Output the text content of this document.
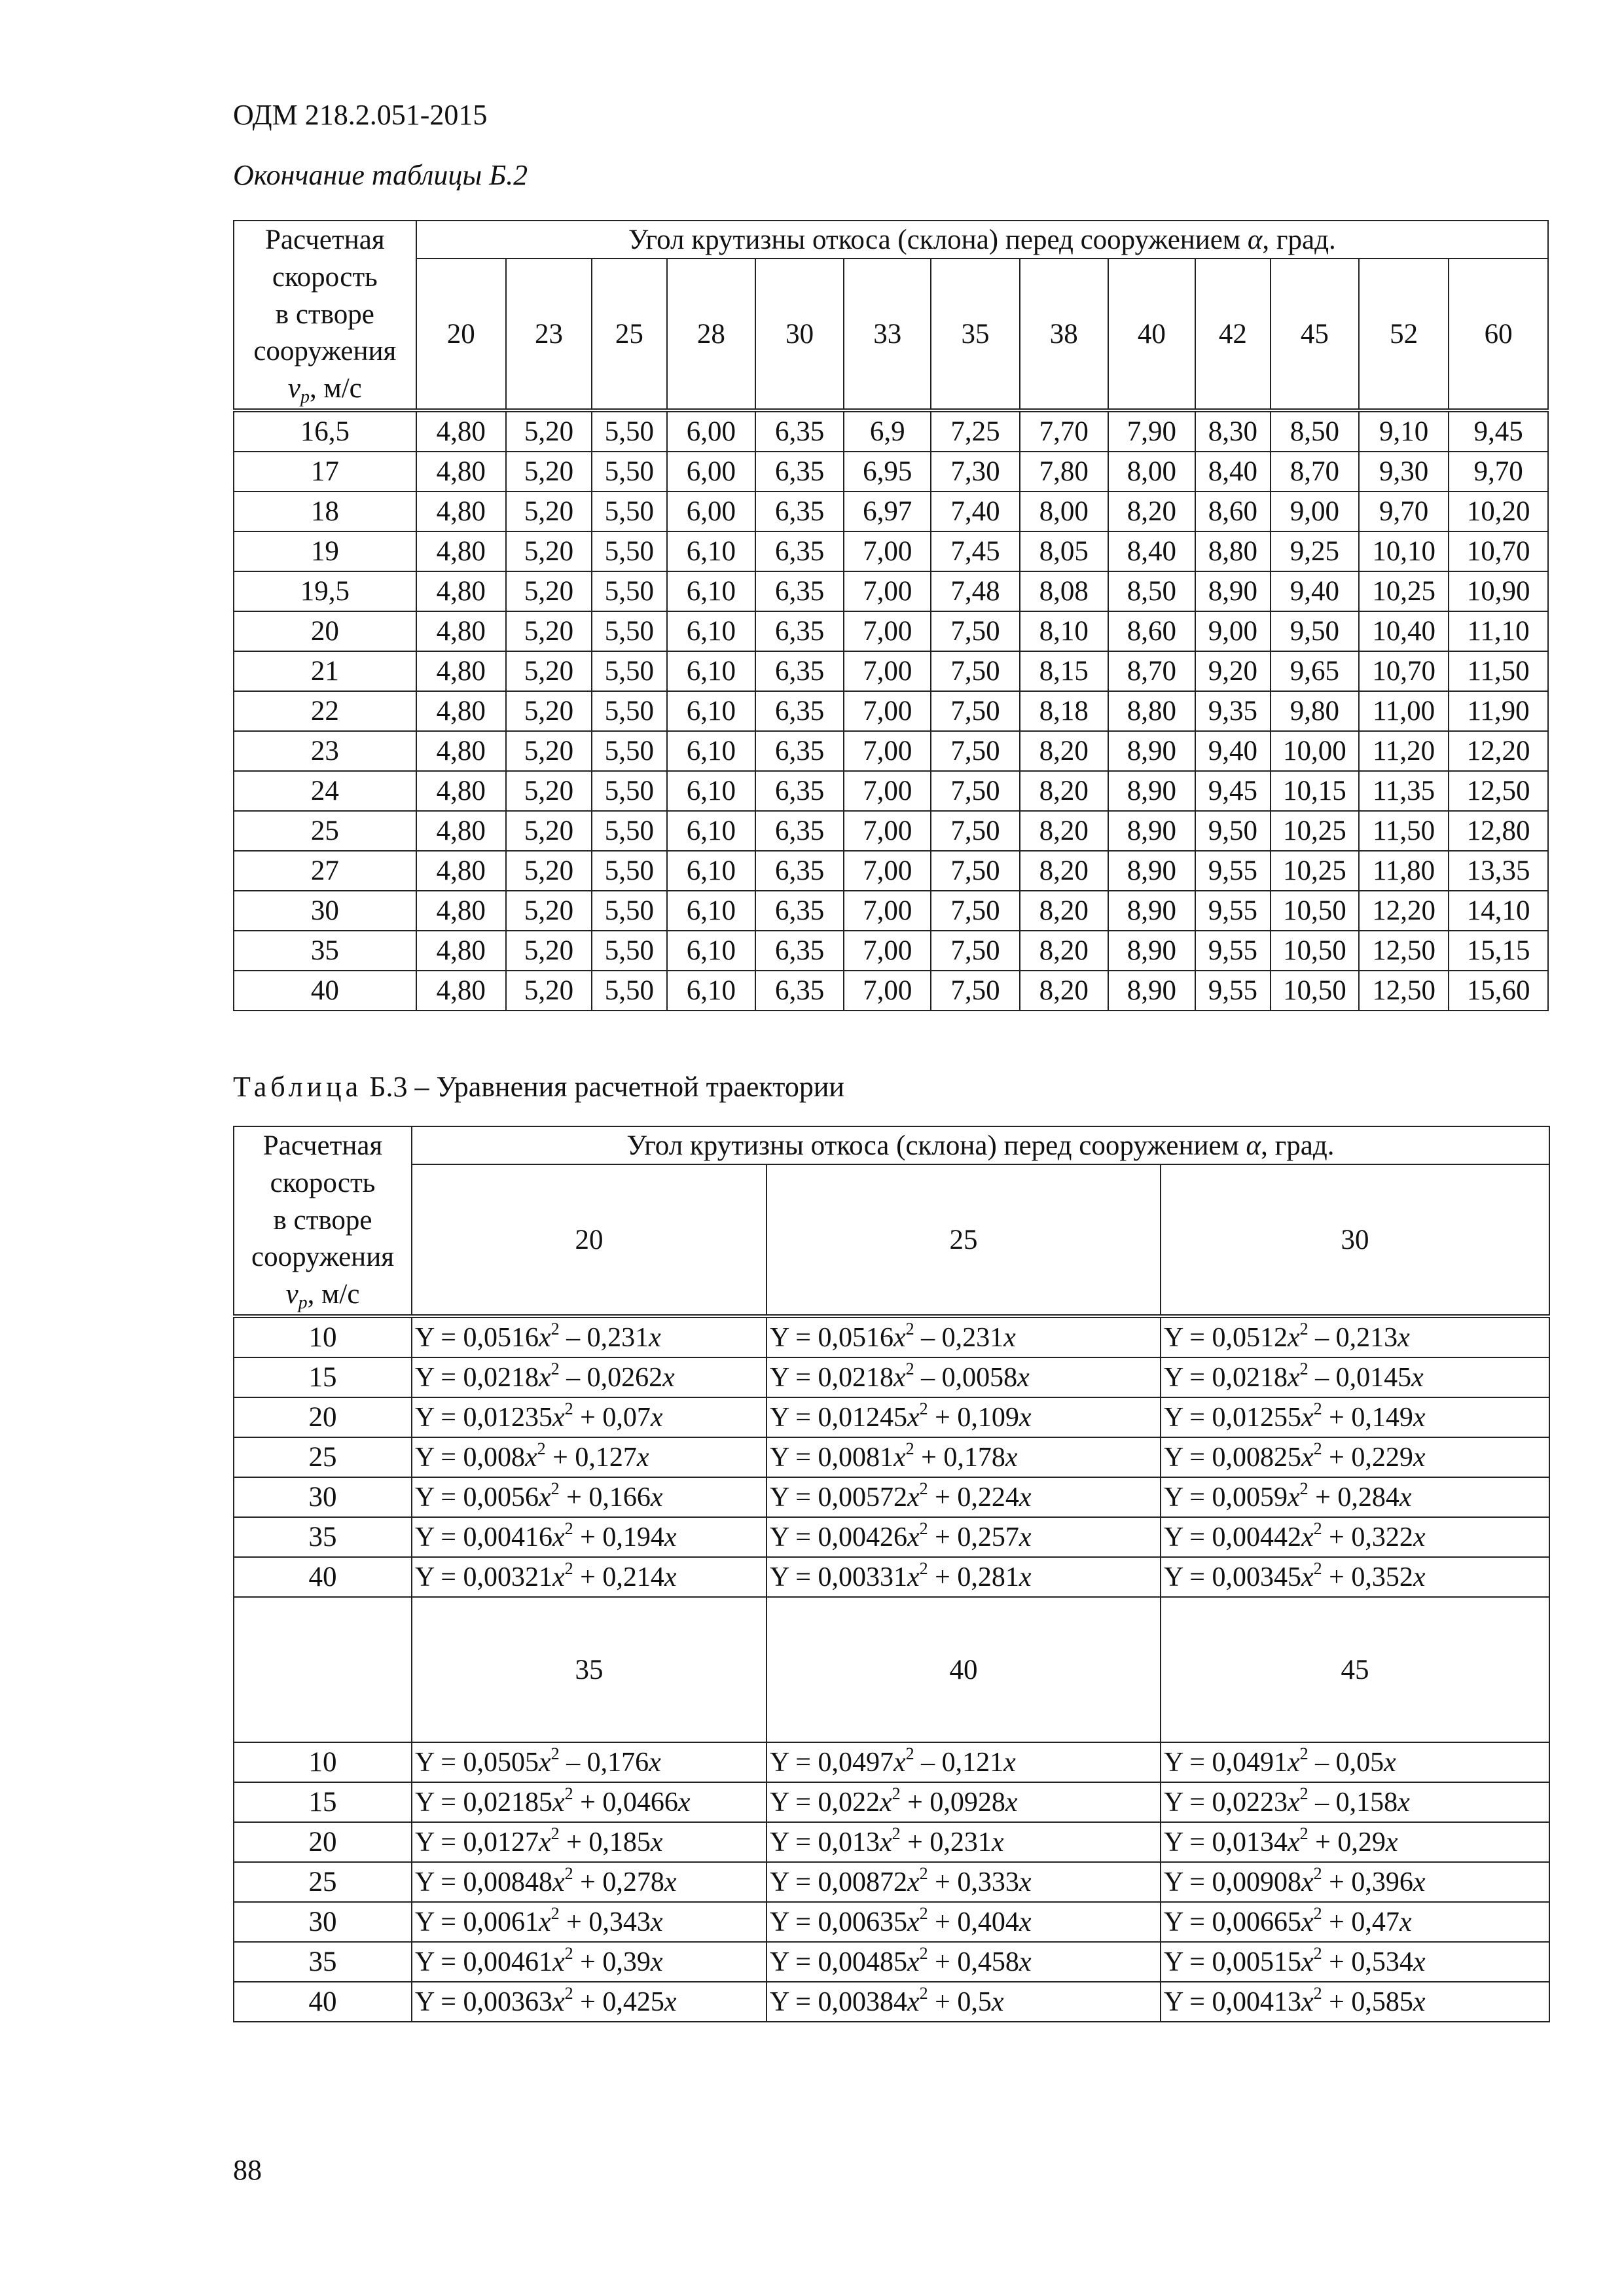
ОДМ 218.2.051-2015
Окончание таблицы Б.2
Расчетная
скорость
в створе
сооружения
$v_p$, м/с	Угол крутизны откоса (склона) перед сооружением α, град.												
	20	23	25	28	30	33	35	38	40	42	45	52	60
16,5	4,80	5,20	5,50	6,00	6,35	6,9	7,25	7,70	7,90	8,30	8,50	9,10	9,45
17	4,80	5,20	5,50	6,00	6,35	6,95	7,30	7,80	8,00	8,40	8,70	9,30	9,70
18	4,80	5,20	5,50	6,00	6,35	6,97	7,40	8,00	8,20	8,60	9,00	9,70	10,20
19	4,80	5,20	5,50	6,10	6,35	7,00	7,45	8,05	8,40	8,80	9,25	10,10	10,70
19,5	4,80	5,20	5,50	6,10	6,35	7,00	7,48	8,08	8,50	8,90	9,40	10,25	10,90
20	4,80	5,20	5,50	6,10	6,35	7,00	7,50	8,10	8,60	9,00	9,50	10,40	11,10
21	4,80	5,20	5,50	6,10	6,35	7,00	7,50	8,15	8,70	9,20	9,65	10,70	11,50
22	4,80	5,20	5,50	6,10	6,35	7,00	7,50	8,18	8,80	9,35	9,80	11,00	11,90
23	4,80	5,20	5,50	6,10	6,35	7,00	7,50	8,20	8,90	9,40	10,00	11,20	12,20
24	4,80	5,20	5,50	6,10	6,35	7,00	7,50	8,20	8,90	9,45	10,15	11,35	12,50
25	4,80	5,20	5,50	6,10	6,35	7,00	7,50	8,20	8,90	9,50	10,25	11,50	12,80
27	4,80	5,20	5,50	6,10	6,35	7,00	7,50	8,20	8,90	9,55	10,25	11,80	13,35
30	4,80	5,20	5,50	6,10	6,35	7,00	7,50	8,20	8,90	9,55	10,50	12,20	14,10
35	4,80	5,20	5,50	6,10	6,35	7,00	7,50	8,20	8,90	9,55	10,50	12,50	15,15
40	4,80	5,20	5,50	6,10	6,35	7,00	7,50	8,20	8,90	9,55	10,50	12,50	15,60
Таблица Б.3 – Уравнения расчетной траектории
Расчетная
скорость
в створе
сооружения
$v_p$, м/с	Угол крутизны откоса (склона) перед сооружением α, град.		
	20	25	30
10	$Y = 0,0516x^2 - 0,231x$	$Y = 0,0516x^2 - 0,231x$	$Y = 0,0512x^2 - 0,213x$
15	$Y = 0,0218x^2 - 0,0262x$	$Y = 0,0218x^2 - 0,0058x$	$Y = 0,0218x^2 - 0,0145x$
20	$Y = 0,01235x^2 + 0,07x$	$Y = 0,01245x^2 + 0,109x$	$Y = 0,01255x^2 + 0,149x$
25	$Y = 0,008x^2 + 0,127x$	$Y = 0,0081x^2 + 0,178x$	$Y = 0,00825x^2 + 0,229x$
30	$Y = 0,0056x^2 + 0,166x$	$Y = 0,00572x^2 + 0,224x$	$Y = 0,0059x^2 + 0,284x$
35	$Y = 0,00416x^2 + 0,194x$	$Y = 0,00426x^2 + 0,257x$	$Y = 0,00442x^2 + 0,322x$
40	$Y = 0,00321x^2 + 0,214x$	$Y = 0,00331x^2 + 0,281x$	$Y = 0,00345x^2 + 0,352x$
	35	40	45
10	$Y = 0,0505x^2 - 0,176x$	$Y = 0,0497x^2 - 0,121x$	$Y = 0,0491x^2 - 0,05x$
15	$Y = 0,02185x^2 + 0,0466x$	$Y = 0,022x^2 + 0,0928x$	$Y = 0,0223x^2 - 0,158x$
20	$Y = 0,0127x^2 + 0,185x$	$Y = 0,013x^2 + 0,231x$	$Y = 0,0134x^2 + 0,29x$
25	$Y = 0,00848x^2 + 0,278x$	$Y = 0,00872x^2 + 0,333x$	$Y = 0,00908x^2 + 0,396x$
30	$Y = 0,0061x^2 + 0,343x$	$Y = 0,00635x^2 + 0,404x$	$Y = 0,00665x^2 + 0,47x$
35	$Y = 0,00461x^2 + 0,39x$	$Y = 0,00485x^2 + 0,458x$	$Y = 0,00515x^2 + 0,534x$
40	$Y = 0,00363x^2 + 0,425x$	$Y = 0,00384x^2 + 0,5x$	$Y = 0,00413x^2 + 0,585x$
88
